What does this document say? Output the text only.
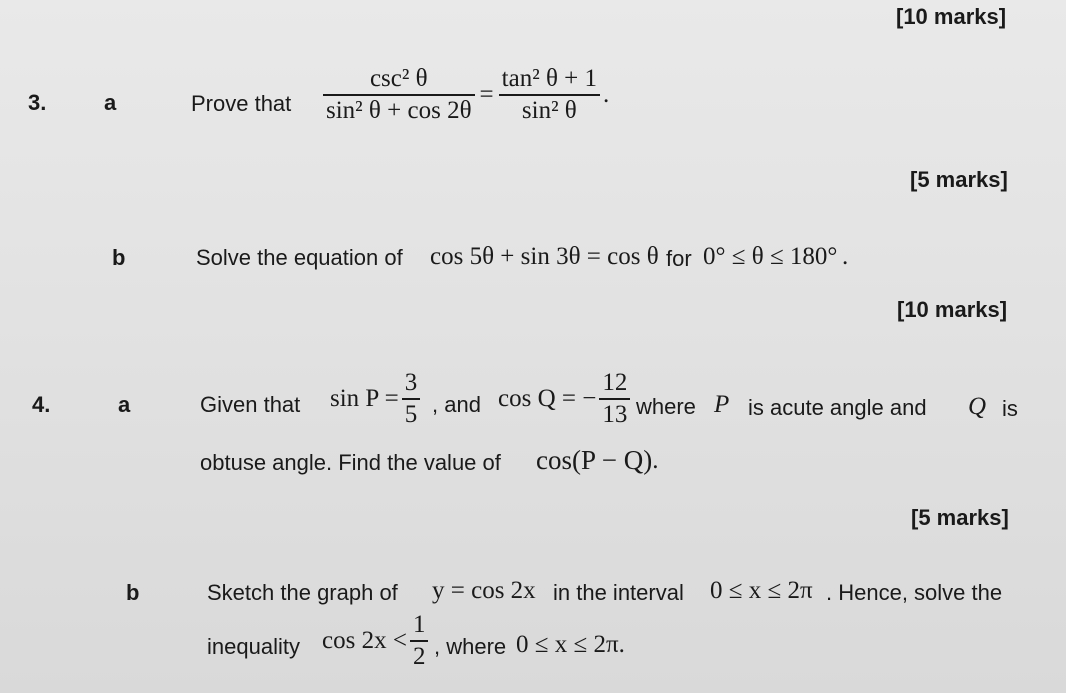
[10 marks]
3.	a	Prove that $\frac{\text{csc² θ}}{\text{sin² θ + cos 2θ}} = \frac{\text{tan² θ + 1}}{\text{sin² θ}}$ .
[5 marks]
b	Solve the equation of cos 5θ + sin 3θ = cos θ for 0° ≤ θ ≤ 180° .
[10 marks]
4.	a	Given that $\sin P = \frac{3}{5}$ , and cos Q = − $\frac{12}{13}$ where P is acute angle and Q is
obtuse angle. Find the value of cos(P − Q) .
[5 marks]
b	Sketch the graph of y = cos 2x in the interval 0 ≤ x ≤ 2π . Hence, solve the
inequality $\cos 2x < \frac{1}{2}$ , where 0 ≤ x ≤ 2π .
